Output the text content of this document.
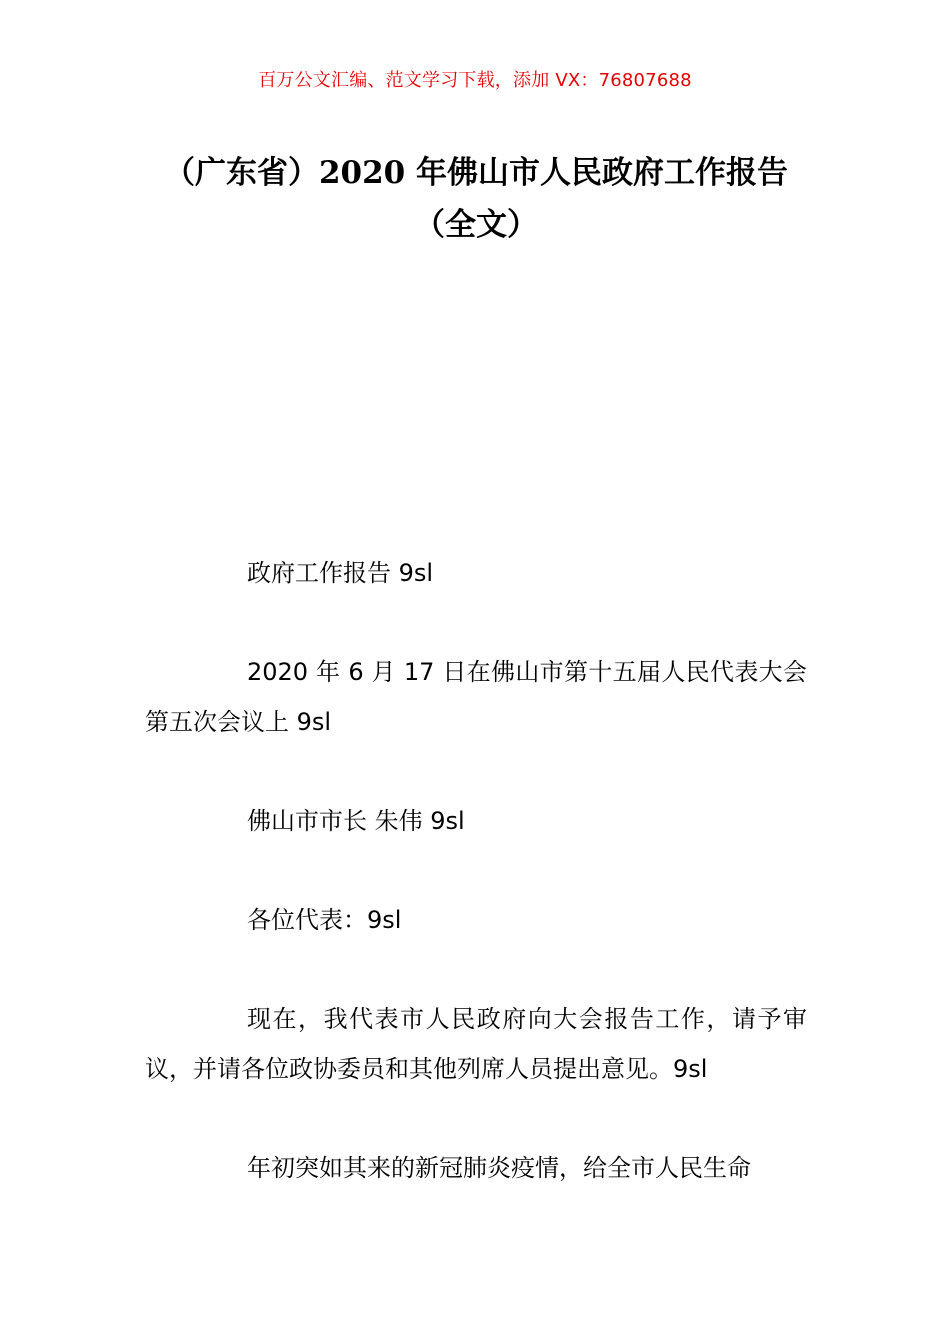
百万公文汇编、范文学习下载，添加 VX：76807688
（广东省）2020 年佛山市人民政府工作报告（全文）

政府工作报告 9sl

2020 年 6 月 17 日在佛山市第十五届人民代表大会第五次会议上 9sl

佛山市市长 朱伟 9sl

各位代表：9sl

现在，我代表市人民政府向大会报告工作，请予审议，并请各位政协委员和其他列席人员提出意见。9sl

年初突如其来的新冠肺炎疫情，给全市人民生命
